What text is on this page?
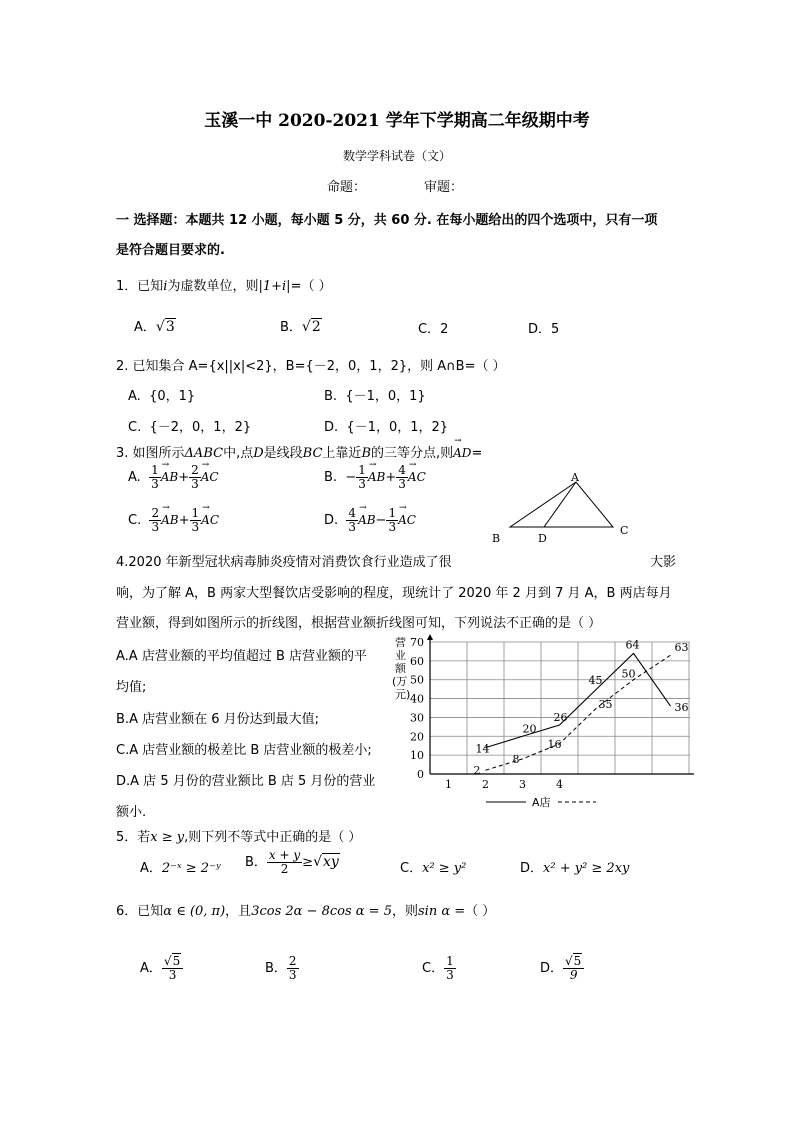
玉溪一中 2020-2021 学年下学期高二年级期中考
数学学科试卷（文）
命题：	审题：
一 选择题：本题共 12 小题，每小题 5 分，共 60 分. 在每小题给出的四个选项中，只有一项
是符合题目要求的.
1．已知i为虚数单位，则|1+i|=（ ）
A．√3	B．√2	C．2	D．5
2. 已知集合 A={x||x|<2}，B={－2，0，1，2}，则 A∩B=（ ）
A. {0，1}	B. {－1，0，1}
C. {－2，0，1，2}	D. {－1，0，1，2}
3. 如图所示ΔABC中,点D是线段BC上靠近B的三等分点,则→ AD=
A. $\frac{1}{3}$
→ $AB+ \frac{2}{3}$
→ AC	B. − $\frac{1}{3}$
→ $AB+ \frac{4}{3}$
→ AC
C. $\frac{2}{3}$
→ $AB+ \frac{1}{3}$
→ AC	D. $\frac{4}{3}$
→ $AB- \frac{1}{3}$
→ AC
A
B
C
D
4.2020 年新型冠状病毒肺炎疫情对消费饮食行业造成了很	大影
响，为了解 A，B 两家大型餐饮店受影响的程度，现统计了 2020 年 2 月到 7 月 A，B 两店每月
营业额，得到如图所示的折线图，根据营业额折线图可知，下列说法不正确的是（ ）
A.A 店营业额的平均值超过 B 店营业额的平
均值;
B.A 店营业额在 6 月份达到最大值;
C.A 店营业额的极差比 B 店营业额的极差小;
D.A 店 5 月份的营业额比 B 店 5 月份的营业
额小.
营业额(万元)
0
10
20
30
40
50
60
70
1	2	3	4
14
20
26
45
64
36
2
8
16
35
50
63
A店
5．若x ≥ y,则下列不等式中正确的是（ ）
A．2⁻ˣ ≥ 2⁻ʸ B． $\frac{x + y}{2} \ge√xy$	C．x² ≥ y²	D．x² + y² ≥ 2xy
6．已知α ∈ (0, π)，且3cos 2α − 8cos α = 5，则sin α =（ ）
A． $\frac{√5}{3}$	B． $\frac{2}{3}$	C． $\frac{1}{3}$	D． $\frac{√5}{9}$
